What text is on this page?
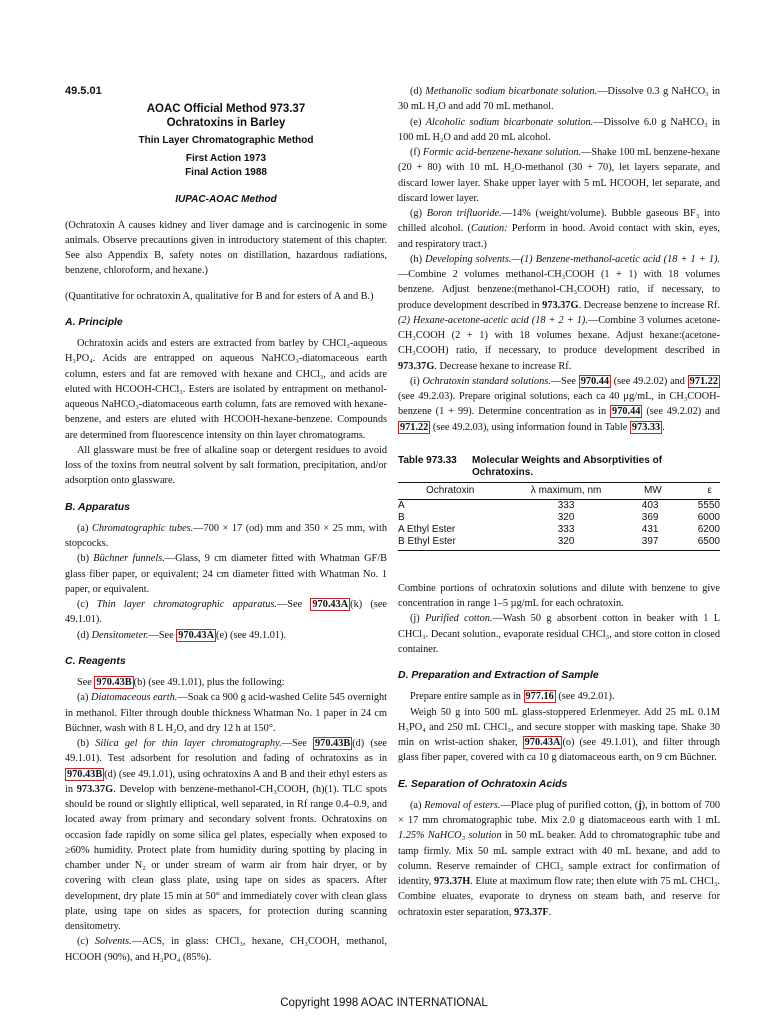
49.5.01
AOAC Official Method 973.37
Ochratoxins in Barley
Thin Layer Chromatographic Method
First Action 1973
Final Action 1988
IUPAC-AOAC Method

(Ochratoxin A causes kidney and liver damage and is carcinogenic in some animals. Observe precautions given in introductory statement of this chapter. See also Appendix B, safety notes on distillation, hazardous radiations, benzene, chloroform, and hexane.)

(Quantitative for ochratoxin A, qualitative for B and for esters of A and B.)

A. Principle

Ochratoxin acids and esters are extracted from barley by CHCl₃-aqueous H₃PO₄. Acids are entrapped on aqueous NaHCO₃-diatomaceous earth column, esters and fat are removed with hexane and CHCl₃, and acids are eluted with HCOOH-CHCl₃. Esters are isolated by entrapment on methanol-aqueous NaHCO₃-diatomaceous earth column, fats are removed with hexane-benzene, and esters are eluted with HCOOH-hexane-benzene. Compounds are determined from fluorescence intensity on thin layer chromatograms.

All glassware must be free of alkaline soap or detergent residues to avoid loss of the toxins from neutral solvent by salt formation, precipitation, and/or adsorption onto glassware.

B. Apparatus

(a) Chromatographic tubes.—700 × 17 (od) mm and 350 × 25 mm, with stopcocks.

(b) Büchner funnels.—Glass, 9 cm diameter fitted with Whatman GF/B glass fiber paper, or equivalent; 24 cm diameter fitted with Whatman No. 1 paper, or equivalent.

(c) Thin layer chromatographic apparatus.—See 970.43A (k) (see 49.1.01).

(d) Densitometer.—See 970.43A (e) (see 49.1.01).

C. Reagents

See 970.43B (b) (see 49.1.01), plus the following:

(a) Diatomaceous earth.—Soak ca 900 g acid-washed Celite 545 overnight in methanol. Filter through double thickness Whatman No. 1 paper in 24 cm Büchner, wash with 8 L H₂O, and dry 12 h at 150°.

(b) Silica gel for thin layer chromatography.—See 970.43B (d) (see 49.1.01). Test adsorbent for resolution and fading of ochratoxins as in 970.43B (d) (see 49.1.01), using ochratoxins A and B and their ethyl esters as in 973.37G. Develop with benzene-methanol-CH₃COOH, (h)(1). TLC spots should be round or slightly elliptical, well separated, in Rf range 0.4–0.9, and located away from primary and secondary solvent fronts. Ochratoxins on occasion fade rapidly on some silica gel plates, especially when exposed to ≥60% humidity. Protect plate from humidity during spotting by placing in chamber under N₂ or under stream of warm air from hair dryer, or by covering with clean glass plate, using tape on sides as spacers. After development, dry plate 15 min at 50° and immediately cover with clean glass plate, using tape on sides as spacers, for protection during scanning densitometry.

(c) Solvents.—ACS, in glass: CHCl₃, hexane, CH₃COOH, methanol, HCOOH (90%), and H₃PO₄ (85%).

(d) Methanolic sodium bicarbonate solution.—Dissolve 0.3 g NaHCO₃ in 30 mL H₂O and add 70 mL methanol.

(e) Alcoholic sodium bicarbonate solution.—Dissolve 6.0 g NaHCO₃ in 100 mL H₂O and add 20 mL alcohol.

(f) Formic acid-benzene-hexane solution.—Shake 100 mL benzene-hexane (20 + 80) with 10 mL H₂O-methanol (30 + 70), let layers separate, and discard lower layer. Shake upper layer with 5 mL HCOOH, let separate, and discard lower layer.

(g) Boron trifluoride.—14% (weight/volume). Bubble gaseous BF₃ into chilled alcohol. (Caution: Perform in hood. Avoid contact with skin, eyes, and respiratory tract.)

(h) Developing solvents.—(1) Benzene-methanol-acetic acid (18 + 1 + 1).—Combine 2 volumes methanol-CH₃COOH (1 + 1) with 18 volumes benzene. Adjust benzene:(methanol-CH₃COOH) ratio, if necessary, to produce development described in 973.37G. Decrease benzene to increase Rf. (2) Hexane-acetone-acetic acid (18 + 2 + 1).—Combine 3 volumes acetone-CH₃COOH (2 + 1) with 18 volumes hexane. Adjust hexane:(acetone-CH₃COOH) ratio, if necessary, to produce development described in 973.37G. Decrease hexane to increase Rf.

(i) Ochratoxin standard solutions.—See 970.44 (see 49.2.02) and 971.22 (see 49.2.03). Prepare original solutions, each ca 40 µg/mL, in CH₃COOH-benzene (1 + 99). Determine concentration as in 970.44 (see 49.2.02) and 971.22 (see 49.2.03), using information found in Table 973.33 .

Table 973.33	Molecular Weights and Absorptivities of Ochratoxins.
Ochratoxin	λ maximum, nm	MW	ε
A	333	403	5550
B	320	369	6000
A Ethyl Ester	333	431	6200
B Ethyl Ester	320	397	6500

Combine portions of ochratoxin solutions and dilute with benzene to give concentration in range 1–5 µg/mL for each ochratoxin.

(j) Purified cotton.—Wash 50 g absorbent cotton in beaker with 1 L CHCl₃. Decant solution., evaporate residual CHCl₃, and store cotton in closed container.

D. Preparation and Extraction of Sample

Prepare entire sample as in 977.16 (see 49.2.01).

Weigh 50 g into 500 mL glass-stoppered Erlenmeyer. Add 25 mL 0.1M H₃PO₄ and 250 mL CHCl₃, and secure stopper with masking tape. Shake 30 min on wrist-action shaker, 970.43A (o) (see 49.1.01), and filter through glass fiber paper, covered with ca 10 g diatomaceous earth, on 9 cm Büchner.

E. Separation of Ochratoxin Acids

(a) Removal of esters.—Place plug of purified cotton, (j), in bottom of 700 × 17 mm chromatographic tube. Mix 2.0 g diatomaceous earth with 1 mL 1.25% NaHCO₃ solution in 50 mL beaker. Add to chromatographic tube and tamp firmly. Mix 50 mL sample extract with 40 mL hexane, and add to column. Reserve remainder of CHCl₃ sample extract for confirmation of identity, 973.37H. Elute at maximum flow rate; then elute with 75 mL CHCl₃. Combine eluates, evaporate to dryness on steam bath, and reserve for ochratoxin ester separation, 973.37F.

Copyright 1998 AOAC INTERNATIONAL
